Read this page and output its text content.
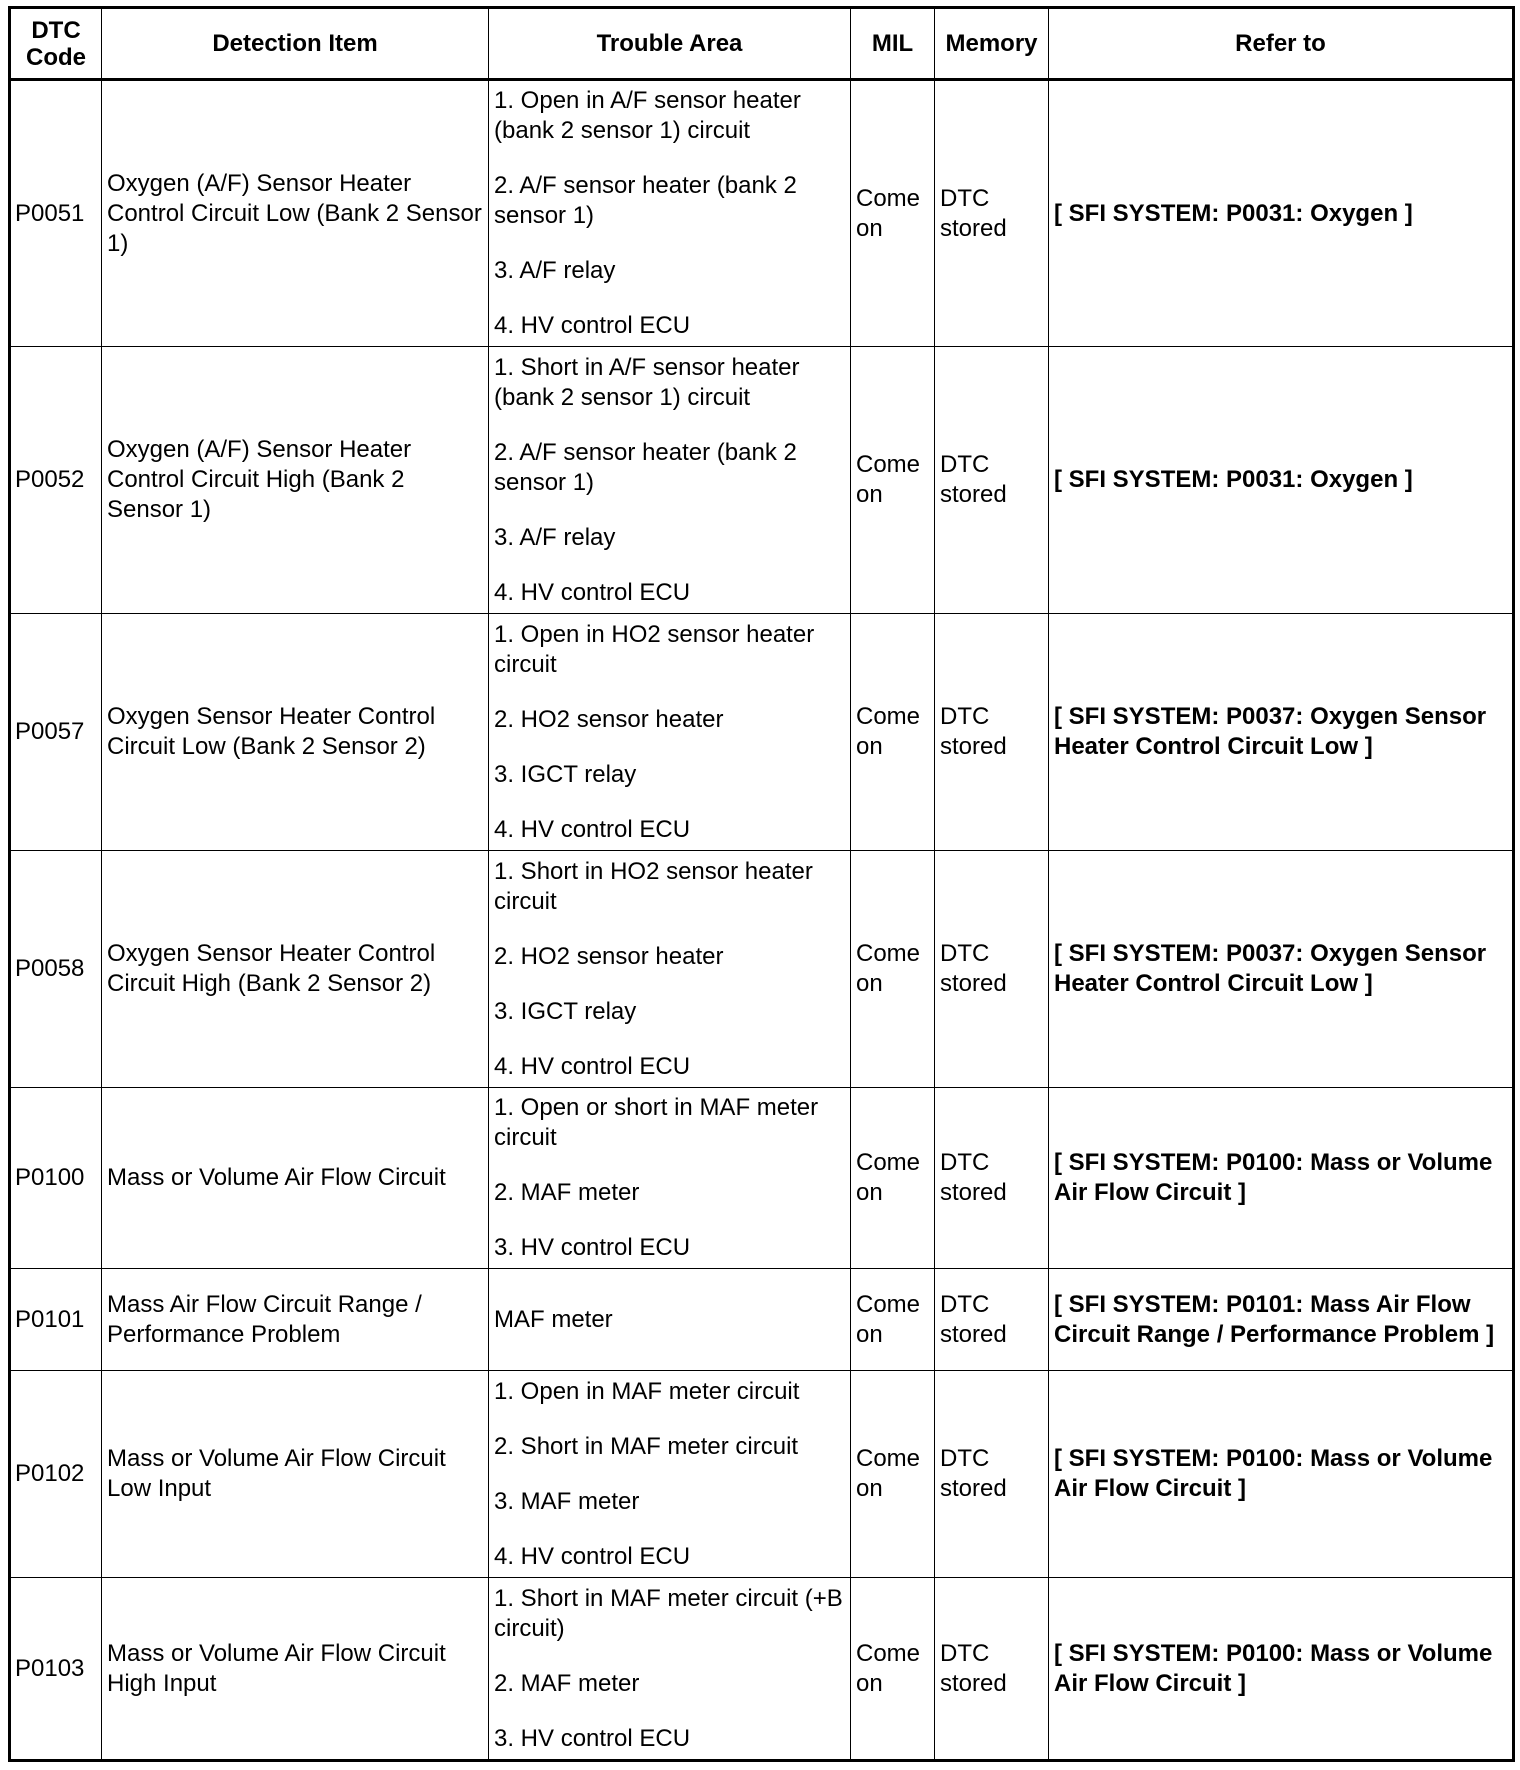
DTC
Code	Detection Item	Trouble Area	MIL	Memory	Refer to
P0051	Oxygen (A/F) Sensor Heater Control Circuit Low (Bank 2 Sensor 1)	1. Open in A/F sensor heater (bank 2 sensor 1) circuit
2. A/F sensor heater (bank 2 sensor 1)
3. A/F relay
4. HV control ECU	Come on	DTC stored	[ SFI SYSTEM: P0031: Oxygen ]
P0052	Oxygen (A/F) Sensor Heater Control Circuit High (Bank 2 Sensor 1)	1. Short in A/F sensor heater (bank 2 sensor 1) circuit
2. A/F sensor heater (bank 2 sensor 1)
3. A/F relay
4. HV control ECU	Come on	DTC stored	[ SFI SYSTEM: P0031: Oxygen ]
P0057	Oxygen Sensor Heater Control Circuit Low (Bank 2 Sensor 2)	1. Open in HO2 sensor heater circuit
2. HO2 sensor heater
3. IGCT relay
4. HV control ECU	Come on	DTC stored	[ SFI SYSTEM: P0037: Oxygen Sensor Heater Control Circuit Low ]
P0058	Oxygen Sensor Heater Control Circuit High (Bank 2 Sensor 2)	1. Short in HO2 sensor heater circuit
2. HO2 sensor heater
3. IGCT relay
4. HV control ECU	Come on	DTC stored	[ SFI SYSTEM: P0037: Oxygen Sensor Heater Control Circuit Low ]
P0100	Mass or Volume Air Flow Circuit	1. Open or short in MAF meter circuit
2. MAF meter
3. HV control ECU	Come on	DTC stored	[ SFI SYSTEM: P0100: Mass or Volume Air Flow Circuit ]
P0101	Mass Air Flow Circuit Range / Performance Problem	MAF meter	Come on	DTC stored	[ SFI SYSTEM: P0101: Mass Air Flow Circuit Range / Performance Problem ]
P0102	Mass or Volume Air Flow Circuit Low Input	1. Open in MAF meter circuit
2. Short in MAF meter circuit
3. MAF meter
4. HV control ECU	Come on	DTC stored	[ SFI SYSTEM: P0100: Mass or Volume Air Flow Circuit ]
P0103	Mass or Volume Air Flow Circuit High Input	1. Short in MAF meter circuit (+B circuit)
2. MAF meter
3. HV control ECU	Come on	DTC stored	[ SFI SYSTEM: P0100: Mass or Volume Air Flow Circuit ]
